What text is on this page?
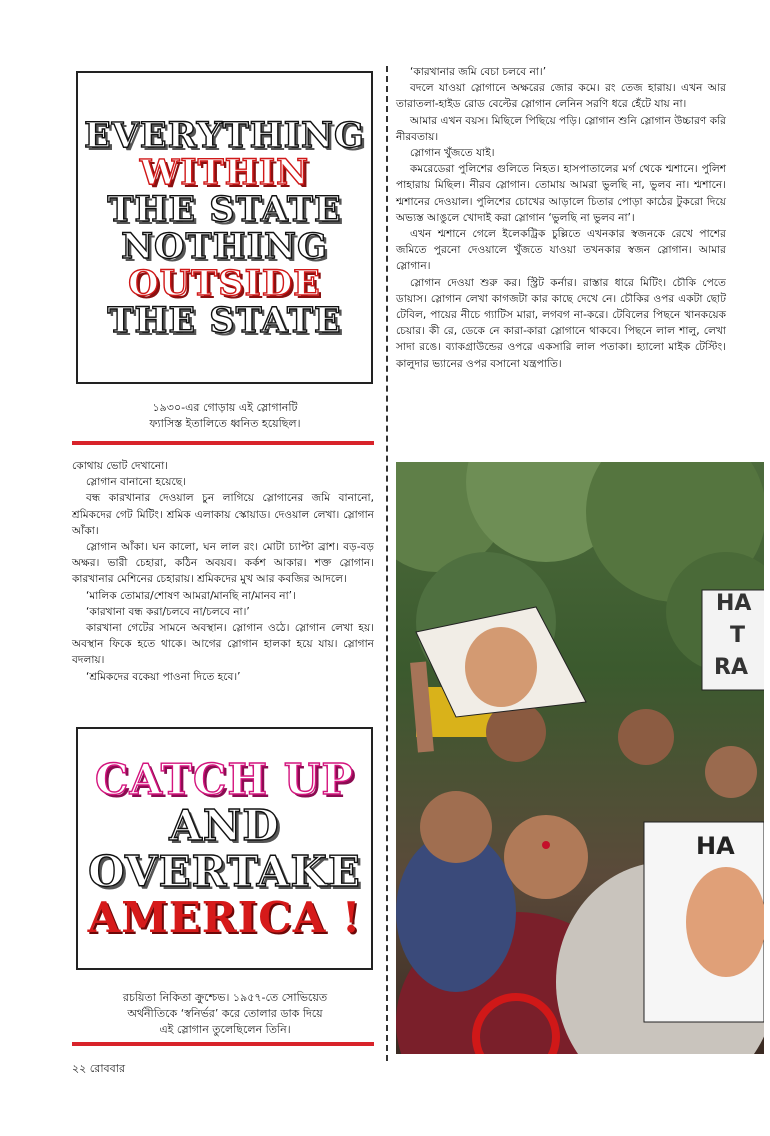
EVERYTHING
WITHIN
THE STATE
NOTHING
OUTSIDE
THE STATE
১৯৩০-এর গোড়ায় এই স্লোগানটি
ফ্যাসিস্ত ইতালিতে ধ্বনিত হয়েছিল।

কোথায় ভোট দেখানো।

স্লোগান বানানো হয়েছে।

বন্ধ কারখানার দেওয়াল চুন লাগিয়ে স্লোগানের জমি বানানো, শ্রমিকদের গেট মিটিং। শ্রমিক এলাকায় স্কোয়াড। দেওয়াল লেখা। স্লোগান আঁকা।

স্লোগান আঁকা। ঘন কালো, ঘন লাল রং। মোটা চ্যাপ্টা ব্রাশ। বড়-বড় অক্ষর। ভারী চেহারা, কঠিন অবয়ব। কর্কশ আকার। শক্ত স্লোগান। কারখানার মেশিনের চেহারায়। শ্রমিকদের মুখ আর কবজির আদলে।

‘মালিক তোমার/শোষণ আমরা/মানছি না/মানব না’।

‘কারখানা বন্ধ করা/চলবে না/চলবে না।’

কারখানা গেটের সামনে অবস্থান। স্লোগান ওঠে। স্লোগান লেখা হয়। অবস্থান ফিকে হতে থাকে। আগের স্লোগান হালকা হয়ে যায়। স্লোগান বদলায়।

‘শ্রমিকদের বকেয়া পাওনা দিতে হবে।’

CATCH UP
AND
OVERTAKE
AMERICA !
রচয়িতা নিকিতা ক্রুশ্চেভ। ১৯৫৭-তে সোভিয়েত
অর্থনীতিকে ‘স্বনির্ভর’ করে তোলার ডাক দিয়ে
এই স্লোগান তুলেছিলেন তিনি।

‘কারখানার জমি বেচা চলবে না।’

বদলে যাওয়া স্লোগানে অক্ষরের জোর কমে। রং তেজ হারায়। এখন আর তারাতলা-হাইড রোড বেল্টের স্লোগান লেনিন সরণি ধরে হেঁটে যায় না।

আমার এখন বয়স। মিছিলে পিছিয়ে পড়ি। স্লোগান শুনি স্লোগান উচ্চারণ করি নীরবতায়।

স্লোগান খুঁজতে যাই।

কমরেডেরা পুলিশের গুলিতে নিহত। হাসপাতালের মর্গ থেকে শ্মশানে। পুলিশ পাহারায় মিছিল। নীরব স্লোগান। তোমায় আমরা ভুলছি না, ভুলব না। শ্মশানে। শ্মশানের দেওয়াল। পুলিশের চোখের আড়ালে চিতার পোড়া কাঠের টুকরো দিয়ে অভ্যস্ত আঙুলে খোদাই করা স্লোগান ‘ভুলছি না ভুলব না’।

এখন শ্মশানে গেলে ইলেকট্রিক চুল্লিতে এখনকার স্বজনকে রেখে পাশের জমিতে পুরনো দেওয়ালে খুঁজতে যাওয়া তখনকার স্বজন স্লোগান। আমার স্লোগান।

স্লোগান দেওয়া শুরু কর। স্ট্রিট কর্নার। রাস্তার ধারে মিটিং। চৌকি পেতে ডায়াস। স্লোগান লেখা কাগজটা কার কাছে দেখে নে। চৌকির ওপর একটা ছোট টেবিল, পায়ের নীচে গ্যাটিস মারা, লগবগ না-করে। টেবিলের পিছনে খানকয়েক চেয়ার। কী রে, ডেকে নে কারা-কারা স্লোগানে থাকবে। পিছনে লাল শালু, লেখা সাদা রঙে। ব্যাকগ্রাউন্ডের ওপরে একসারি লাল পতাকা। হ্যালো মাইক টেস্টিং। কালুদার ভ্যানের ওপর বসানো যন্ত্রপাতি।

HA
T
RA
HA
২২ রোববার
